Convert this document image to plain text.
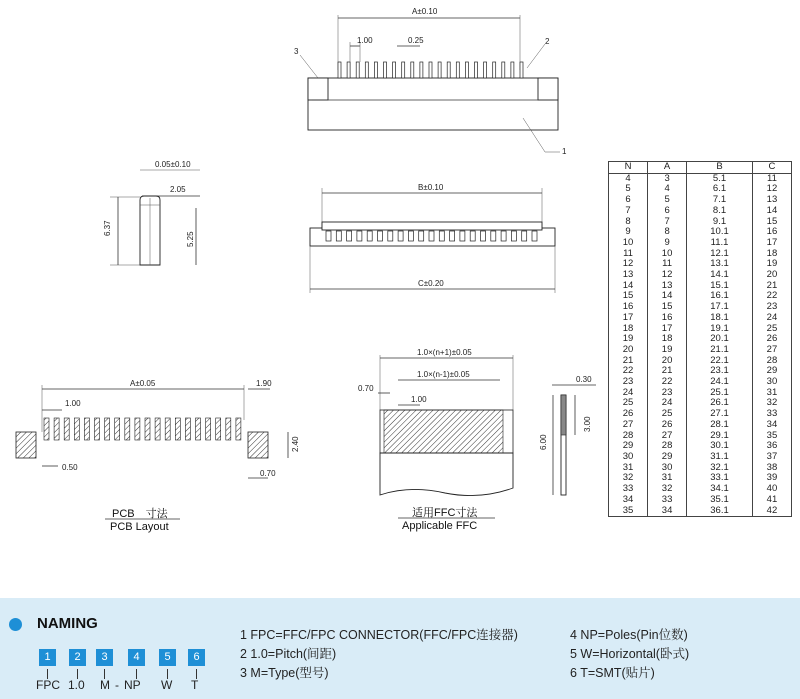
A±0.10
1.00	0.25
3
2
1
0.05±0.10
2.05
6.37
5.25
B±0.10
C±0.20
A±0.05
1.00
0.50
1.90
2.40
0.70
PCB　寸法
PCB Layout
1.0×(n+1)±0.05
1.0×(n-1)±0.05
0.70
1.00
适用FFC寸法
Applicable FFC
0.30
3.00
6.00
N	A	B	C
4	3	5.1	11
5	4	6.1	12
6	5	7.1	13
7	6	8.1	14
8	7	9.1	15
9	8	10.1	16
10	9	11.1	17
11	10	12.1	18
12	11	13.1	19
13	12	14.1	20
14	13	15.1	21
15	14	16.1	22
16	15	17.1	23
17	16	18.1	24
18	17	19.1	25
19	18	20.1	26
20	19	21.1	27
21	20	22.1	28
22	21	23.1	29
23	22	24.1	30
24	23	25.1	31
25	24	26.1	32
26	25	27.1	33
27	26	28.1	34
28	27	29.1	35
29	28	30.1	36
30	29	31.1	37
31	30	32.1	38
32	31	33.1	39
33	32	34.1	40
34	33	35.1	41
35	34	36.1	42
NAMING
1	2	3	4	5	6
FPC 1.0 M - NP W T
1 FPC=FFC/FPC CONNECTOR(FFC/FPC连接器)
2 1.0=Pitch(间距)
3 M=Type(型号)
4 NP=Poles(Pin位数)
5 W=Horizontal(卧式)
6 T=SMT(贴片)
